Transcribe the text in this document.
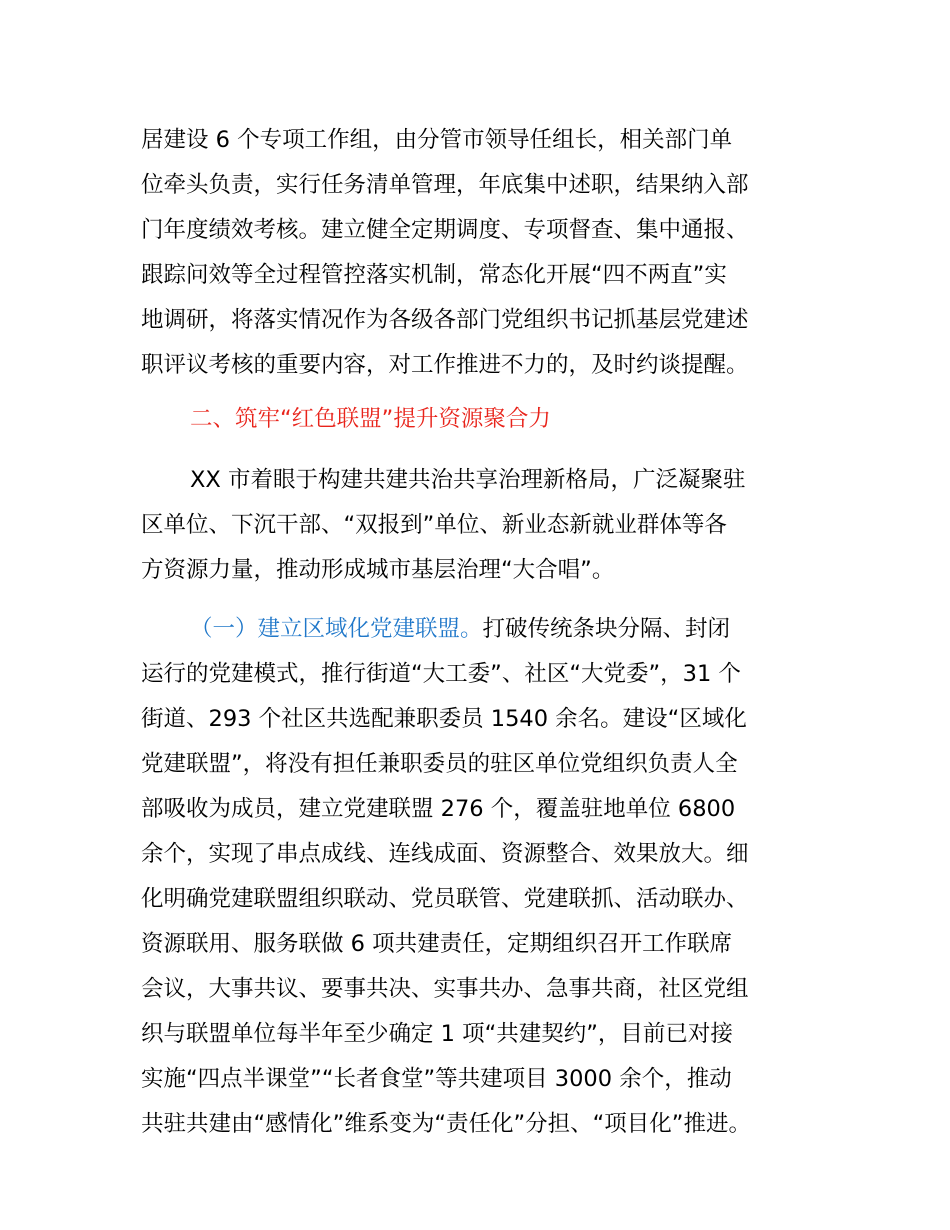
居建设 6 个专项工作组，由分管市领导任组长，相关部门单
位牵头负责，实行任务清单管理，年底集中述职，结果纳入部
门年度绩效考核。建立健全定期调度、专项督查、集中通报、
跟踪问效等全过程管控落实机制，常态化开展“四不两直”实
地调研，将落实情况作为各级各部门党组织书记抓基层党建述
职评议考核的重要内容，对工作推进不力的，及时约谈提醒。
二、筑牢“红色联盟”提升资源聚合力
XX 市着眼于构建共建共治共享治理新格局，广泛凝聚驻
区单位、下沉干部、“双报到”单位、新业态新就业群体等各
方资源力量，推动形成城市基层治理“大合唱”。
（一）建立区域化党建联盟。打破传统条块分隔、封闭
运行的党建模式，推行街道“大工委”、社区“大党委”，31 个
街道、293 个社区共选配兼职委员 1540 余名。建设“区域化
党建联盟”，将没有担任兼职委员的驻区单位党组织负责人全
部吸收为成员，建立党建联盟 276 个，覆盖驻地单位 6800
余个，实现了串点成线、连线成面、资源整合、效果放大。细
化明确党建联盟组织联动、党员联管、党建联抓、活动联办、
资源联用、服务联做 6 项共建责任，定期组织召开工作联席
会议，大事共议、要事共决、实事共办、急事共商，社区党组
织与联盟单位每半年至少确定 1 项“共建契约”，目前已对接
实施“四点半课堂”“长者食堂”等共建项目 3000 余个，推动
共驻共建由“感情化”维系变为“责任化”分担、“项目化”推进。
